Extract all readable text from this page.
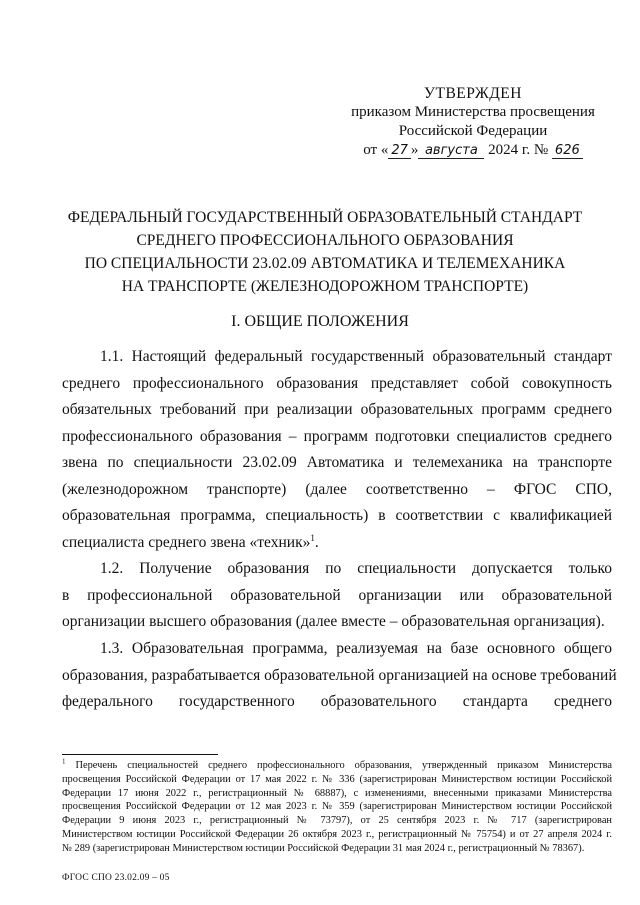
УТВЕРЖДЕН
приказом Министерства просвещения
Российской Федерации
от « 27 » августа 2024 г. № 626
ФЕДЕРАЛЬНЫЙ ГОСУДАРСТВЕННЫЙ ОБРАЗОВАТЕЛЬНЫЙ СТАНДАРТ
СРЕДНЕГО ПРОФЕССИОНАЛЬНОГО ОБРАЗОВАНИЯ
ПО СПЕЦИАЛЬНОСТИ 23.02.09 АВТОМАТИКА И ТЕЛЕМЕХАНИКА
НА ТРАНСПОРТЕ (ЖЕЛЕЗНОДОРОЖНОМ ТРАНСПОРТЕ)
I. ОБЩИЕ ПОЛОЖЕНИЯ
1.1. Настоящий федеральный государственный образовательный стандарт
среднего профессионального образования представляет собой совокупность
обязательных требований при реализации образовательных программ среднего
профессионального образования – программ подготовки специалистов среднего
звена по специальности 23.02.09 Автоматика и телемеханика на транспорте
(железнодорожном транспорте) (далее соответственно – ФГОС СПО,
образовательная программа, специальность) в соответствии с квалификацией
специалиста среднего звена «техник»$^1$.
1.2. Получение образования по специальности допускается только
в профессиональной образовательной организации или образовательной
организации высшего образования (далее вместе – образовательная организация).
1.3. Образовательная программа, реализуемая на базе основного общего
образования, разрабатывается образовательной организацией на основе требований
федерального государственного образовательного стандарта среднего
$^1$ Перечень специальностей среднего профессионального образования, утвержденный приказом Министерства
просвещения Российской Федерации от 17 мая 2022 г. № 336 (зарегистрирован Министерством юстиции Российской
Федерации 17 июня 2022 г., регистрационный № 68887), с изменениями, внесенными приказами Министерства
просвещения Российской Федерации от 12 мая 2023 г. № 359 (зарегистрирован Министерством юстиции Российской
Федерации 9 июня 2023 г., регистрационный № 73797), от 25 сентября 2023 г. № 717 (зарегистрирован
Министерством юстиции Российской Федерации 26 октября 2023 г., регистрационный № 75754) и от 27 апреля 2024 г.
№ 289 (зарегистрирован Министерством юстиции Российской Федерации 31 мая 2024 г., регистрационный № 78367).
ФГОС СПО 23.02.09 – 05
